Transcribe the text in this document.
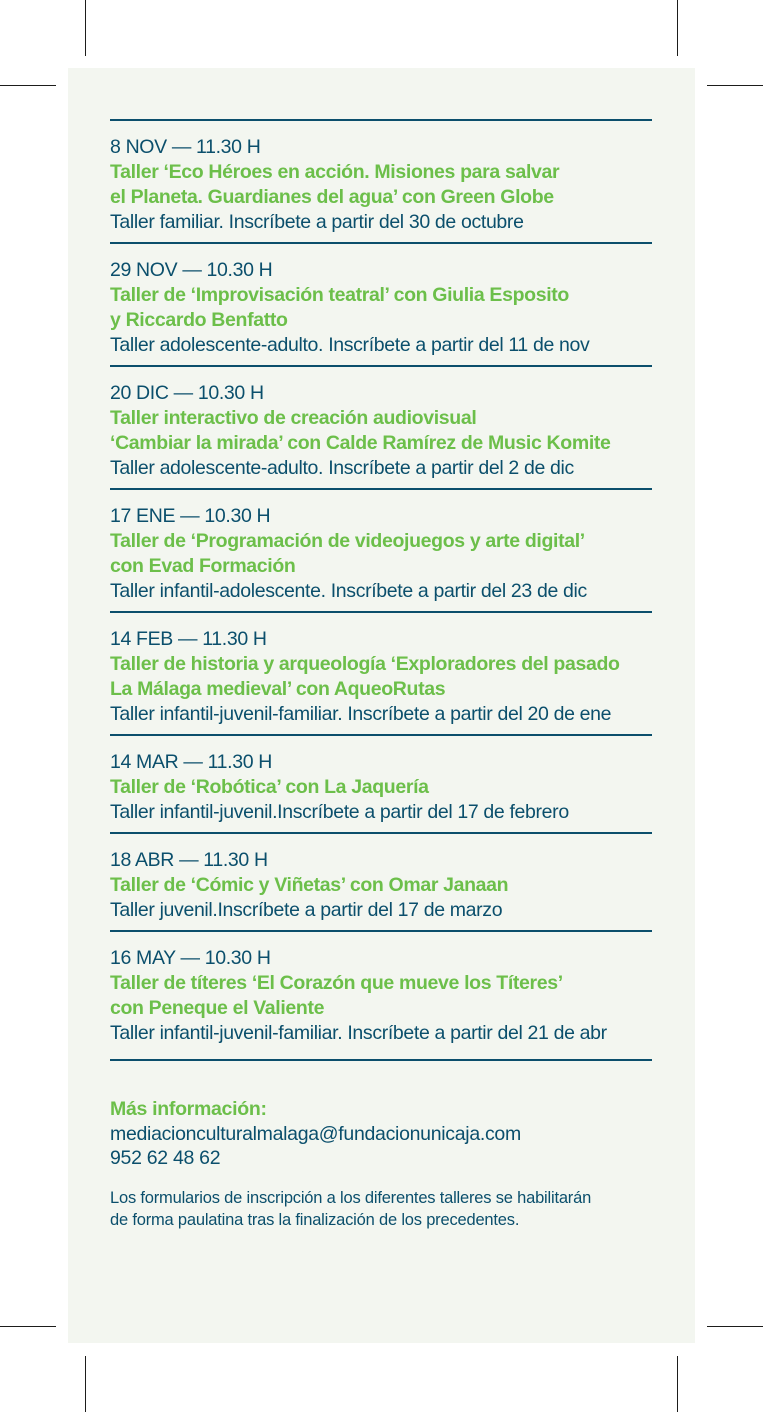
8 NOV — 11.30 H
Taller ‘Eco Héroes en acción. Misiones para salvar
el Planeta. Guardianes del agua’ con Green Globe
Taller familiar. Inscríbete a partir del 30 de octubre
29 NOV — 10.30 H
Taller de ‘Improvisación teatral’ con Giulia Esposito
y Riccardo Benfatto
Taller adolescente-adulto. Inscríbete a partir del 11 de nov
20 DIC — 10.30 H
Taller interactivo de creación audiovisual
‘Cambiar la mirada’ con Calde Ramírez de Music Komite
Taller adolescente-adulto. Inscríbete a partir del 2 de dic
17 ENE — 10.30 H
Taller de ‘Programación de videojuegos y arte digital’
con Evad Formación
Taller infantil-adolescente. Inscríbete a partir del 23 de dic
14 FEB — 11.30 H
Taller de historia y arqueología ‘Exploradores del pasado
La Málaga medieval’ con AqueoRutas
Taller infantil-juvenil-familiar. Inscríbete a partir del 20 de ene
14 MAR — 11.30 H
Taller de ‘Robótica’ con La Jaquería
Taller infantil-juvenil.Inscríbete a partir del 17 de febrero
18 ABR — 11.30 H
Taller de ‘Cómic y Viñetas’ con Omar Janaan
Taller juvenil.Inscríbete a partir del 17 de marzo
16 MAY — 10.30 H
Taller de títeres ‘El Corazón que mueve los Títeres’
con Peneque el Valiente
Taller infantil-juvenil-familiar. Inscríbete a partir del 21 de abr
Más información:
mediacionculturalmalaga@fundacionunicaja.com
952 62 48 62
Los formularios de inscripción a los diferentes talleres se habilitarán de forma paulatina tras la finalización de los precedentes.
